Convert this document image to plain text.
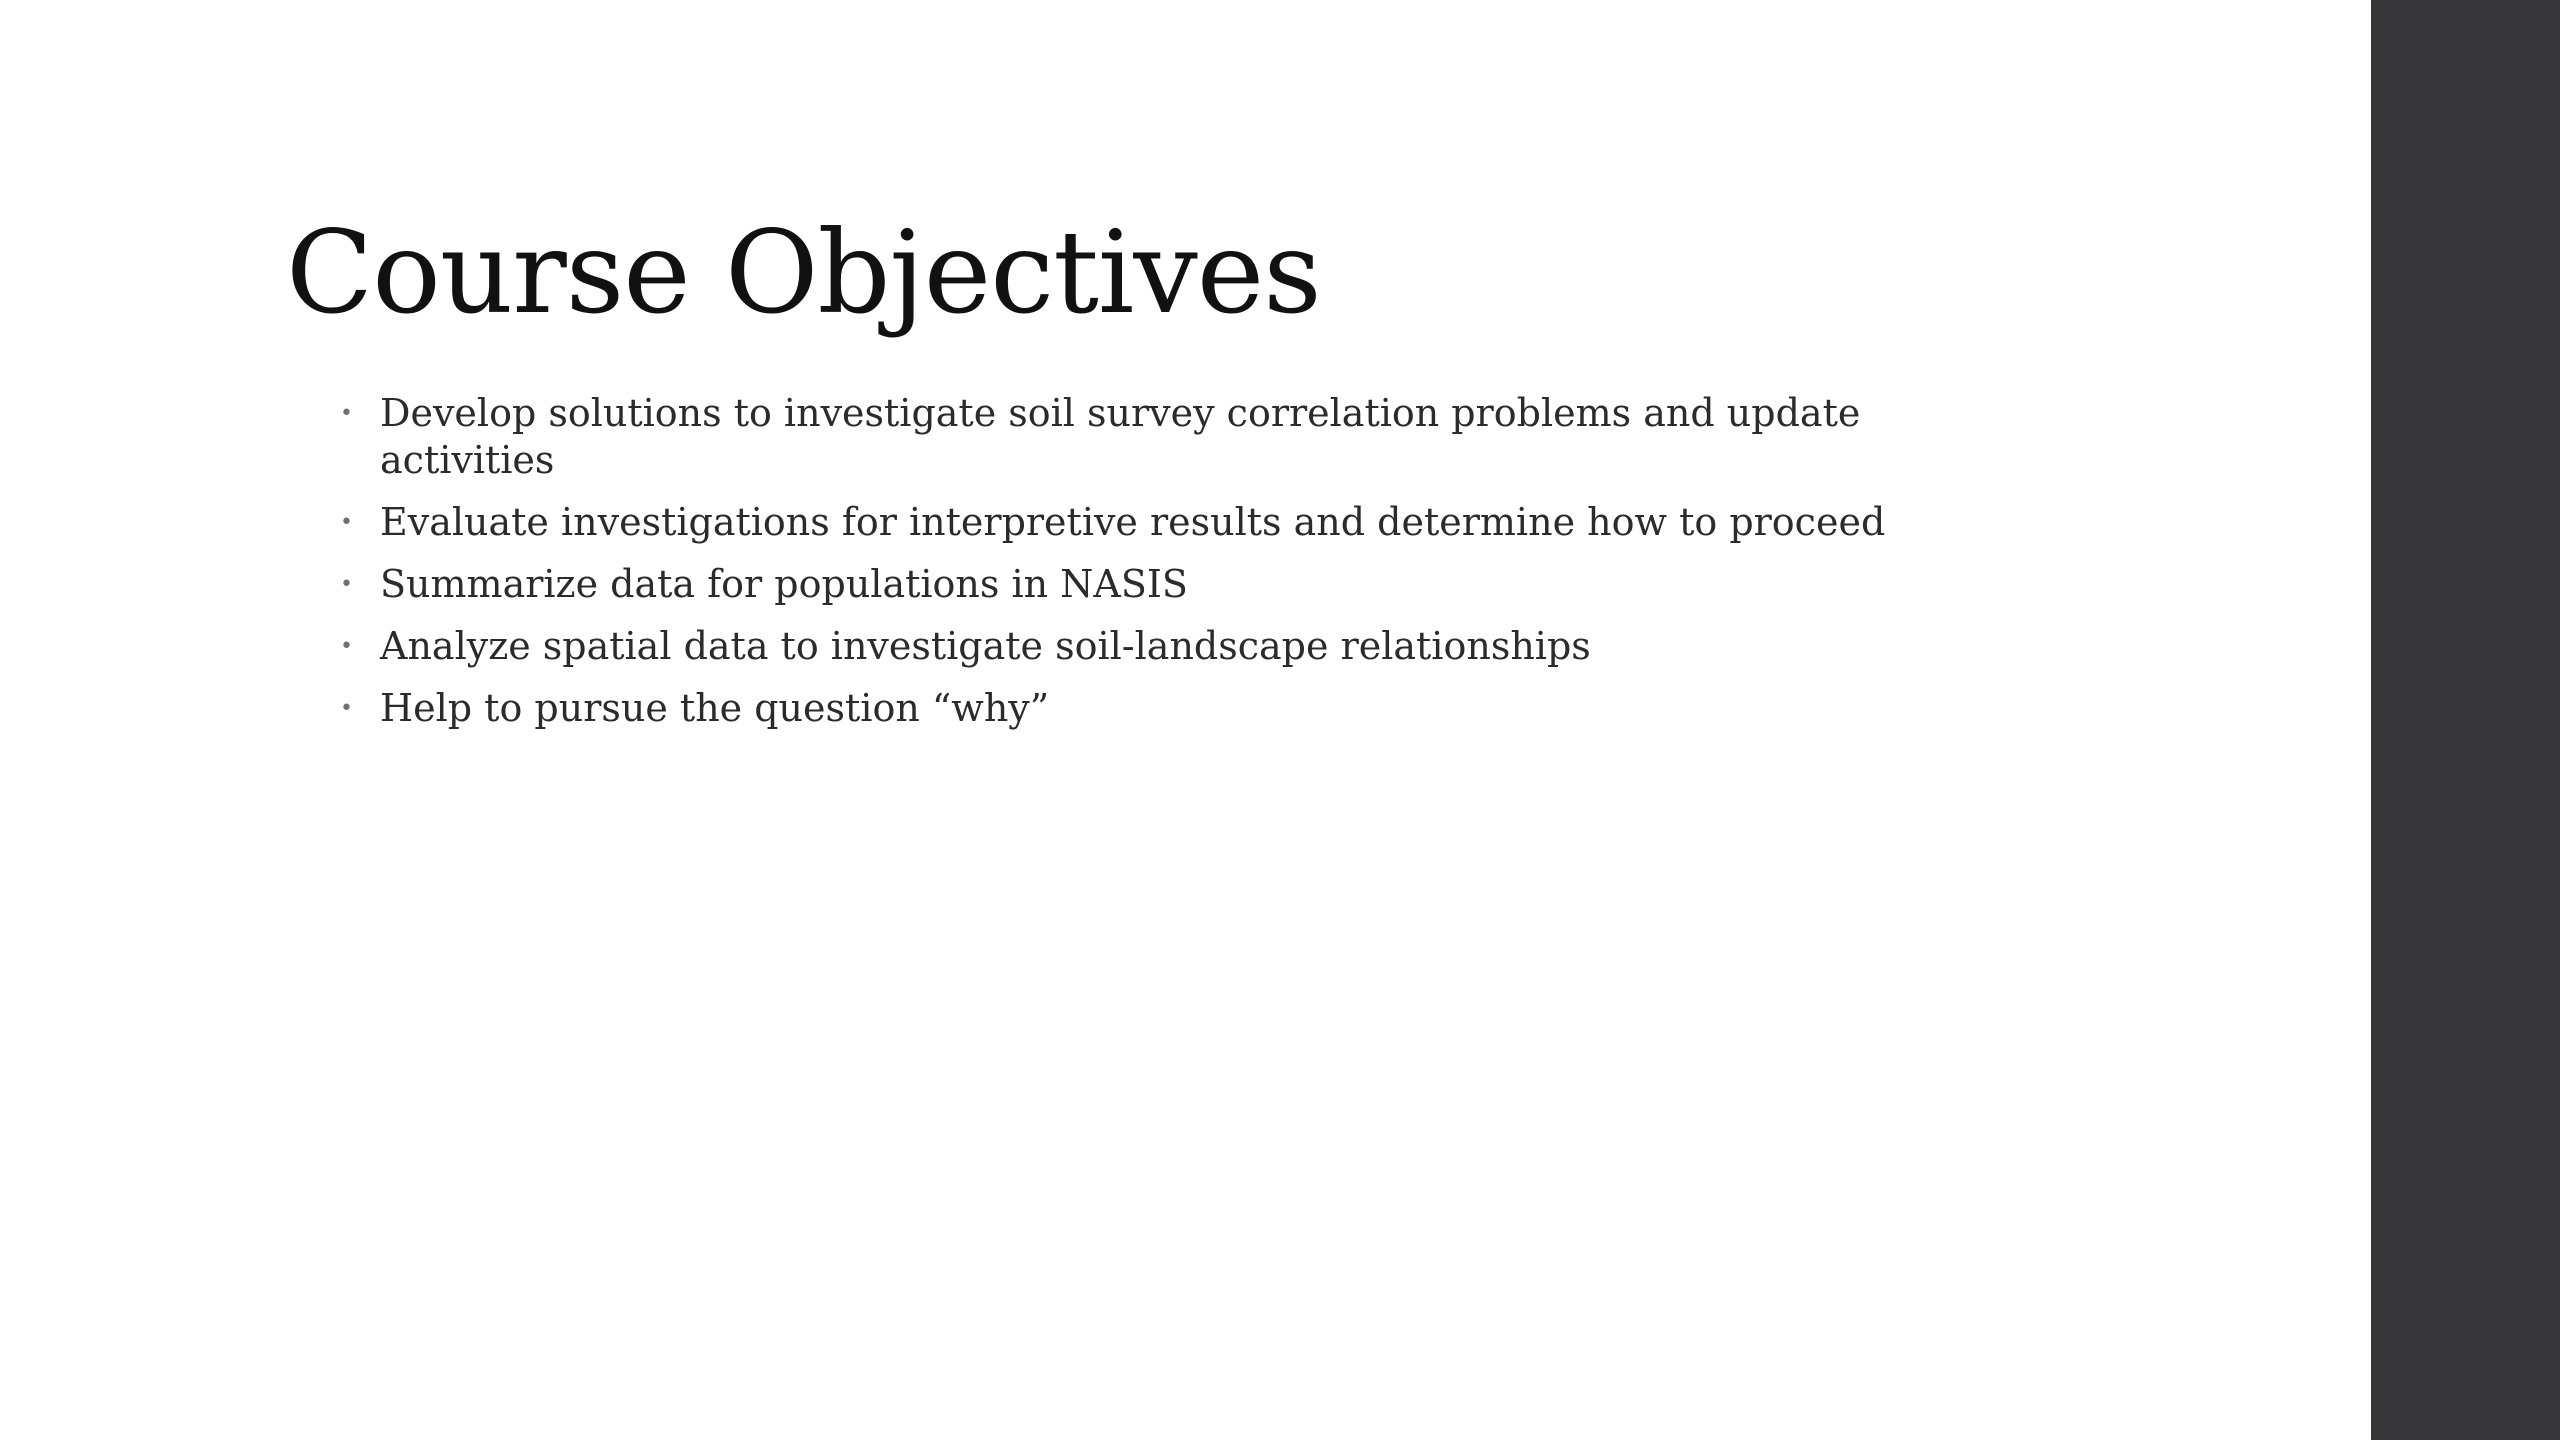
Course Objectives
• Develop solutions to investigate soil survey correlation problems and update activities
• Evaluate investigations for interpretive results and determine how to proceed
• Summarize data for populations in NASIS
• Analyze spatial data to investigate soil-landscape relationships
• Help to pursue the question “why”
